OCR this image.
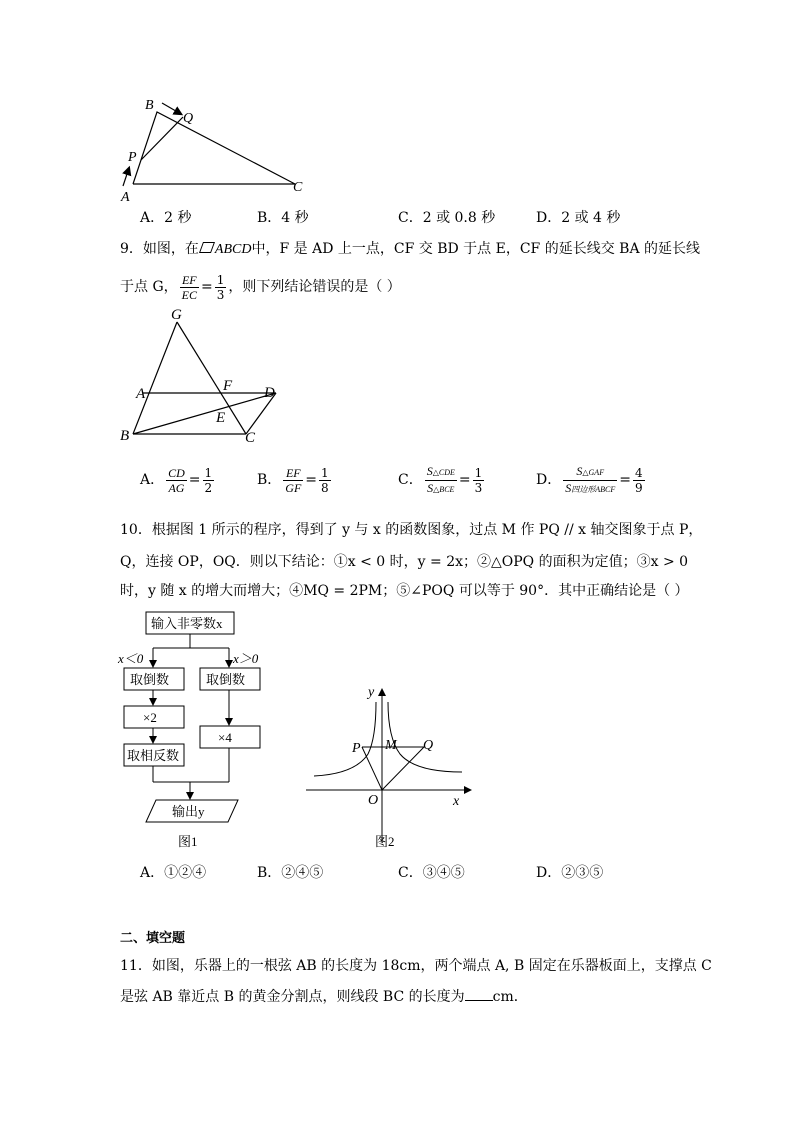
B
Q
P
A
C
A．2 秒	B．4 秒	C．2 或 0.8 秒	D．2 或 4 秒
9．如图，在 ABCD中，F 是 AD 上一点，CF 交 BD 于点 E，CF 的延长线交 BA 的延长线
于点 G， $\frac{EF}{EC} = \frac{1}{3}$ ，则下列结论错误的是（ ）
G
A	F D
E
B	C
A． $\frac{CD}{AG} = \frac{1}{2}$	B． $\frac{EF}{GF} = \frac{1}{8}$	C． $\frac{\text{S△CDE}}{\text{S△BCE}} = \frac{1}{3}$	D． $\frac{\text{S△GAF}}{\text{S四边形ABCF}} = \frac{4}{9}$
10．根据图 1 所示的程序，得到了 y 与 x 的函数图象，过点 M 作 PQ // x 轴交图象于点 P，
Q，连接 OP，OQ．则以下结论：①x < 0 时，y = 2x；②△OPQ 的面积为定值；③x > 0
时，y 随 x 的增大而增大；④MQ = 2PM；⑤∠POQ 可以等于 90°．其中正确结论是（ ）
输入非零数x
x＜0	x＞0
取倒数	取倒数
×2
×4
取相反数
输出y
图1
y
x
O
P M Q
图2
A．①②④	B．②④⑤	C．③④⑤	D．②③⑤
二、填空题
11．如图，乐器上的一根弦 AB 的长度为 18cm，两个端点 A, B 固定在乐器板面上，支撑点 C
是弦 AB 靠近点 B 的黄金分割点，则线段 BC 的长度为 cm．
